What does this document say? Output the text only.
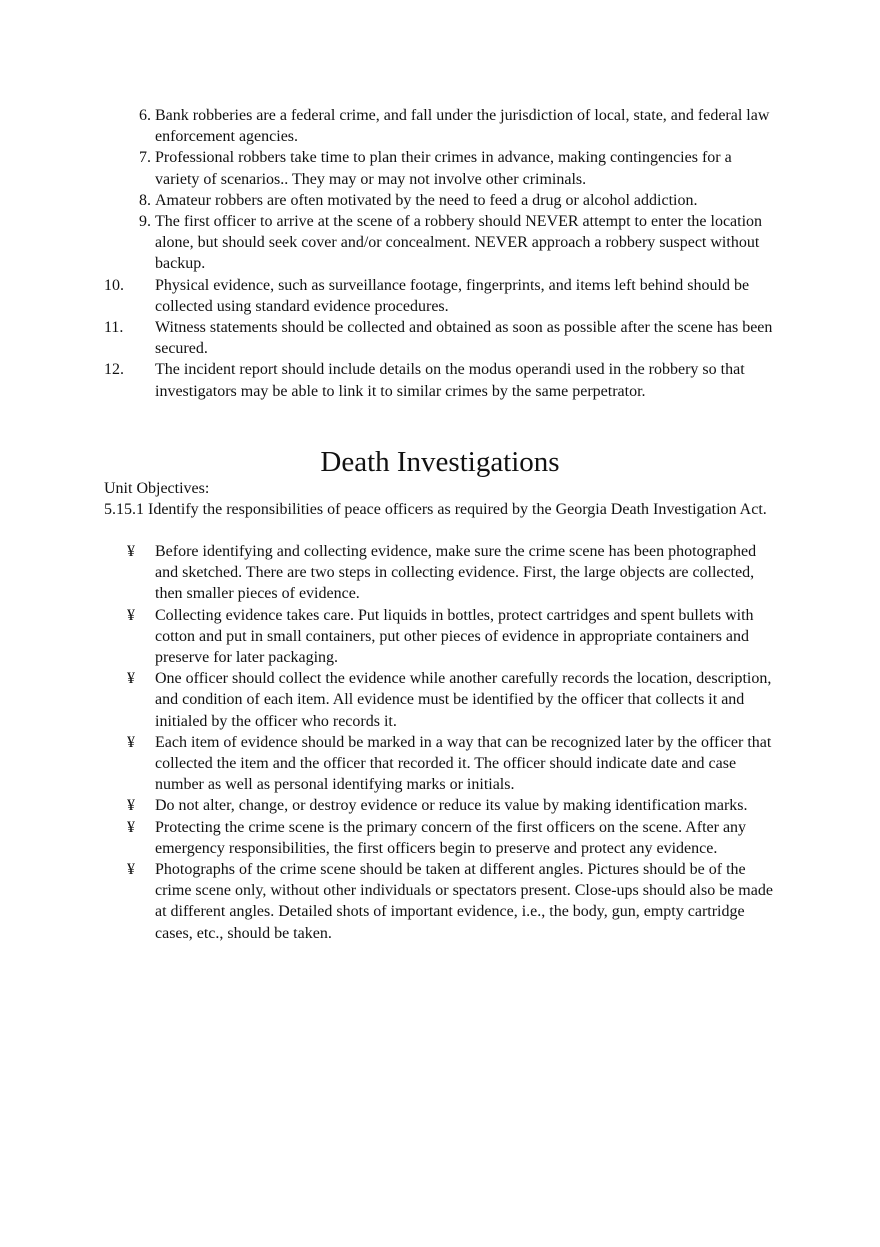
6. Bank robberies are a federal crime, and fall under the jurisdiction of local, state, and federal law enforcement agencies.
7. Professional robbers take time to plan their crimes in advance, making contingencies for a variety of scenarios.. They may or may not involve other criminals.
8. Amateur robbers are often motivated by the need to feed a drug or alcohol addiction.
9. The first officer to arrive at the scene of a robbery should NEVER attempt to enter the location alone, but should seek cover and/or concealment. NEVER approach a robbery suspect without backup.
10. Physical evidence, such as surveillance footage, fingerprints, and items left behind should be collected using standard evidence procedures.
11. Witness statements should be collected and obtained as soon as possible after the scene has been secured.
12. The incident report should include details on the modus operandi used in the robbery so that investigators may be able to link it to similar crimes by the same perpetrator.
Death Investigations

Unit Objectives:

5.15.1 Identify the responsibilities of peace officers as required by the Georgia Death Investigation Act.

¥ Before identifying and collecting evidence, make sure the crime scene has been photographed and sketched. There are two steps in collecting evidence. First, the large objects are collected, then smaller pieces of evidence.
¥ Collecting evidence takes care. Put liquids in bottles, protect cartridges and spent bullets with cotton and put in small containers, put other pieces of evidence in appropriate containers and preserve for later packaging.
¥ One officer should collect the evidence while another carefully records the location, description, and condition of each item. All evidence must be identified by the officer that collects it and initialed by the officer who records it.
¥ Each item of evidence should be marked in a way that can be recognized later by the officer that collected the item and the officer that recorded it. The officer should indicate date and case number as well as personal identifying marks or initials.
¥ Do not alter, change, or destroy evidence or reduce its value by making identification marks.
¥ Protecting the crime scene is the primary concern of the first officers on the scene. After any emergency responsibilities, the first officers begin to preserve and protect any evidence.
¥ Photographs of the crime scene should be taken at different angles. Pictures should be of the crime scene only, without other individuals or spectators present. Close-ups should also be made at different angles. Detailed shots of important evidence, i.e., the body, gun, empty cartridge cases, etc., should be taken.
